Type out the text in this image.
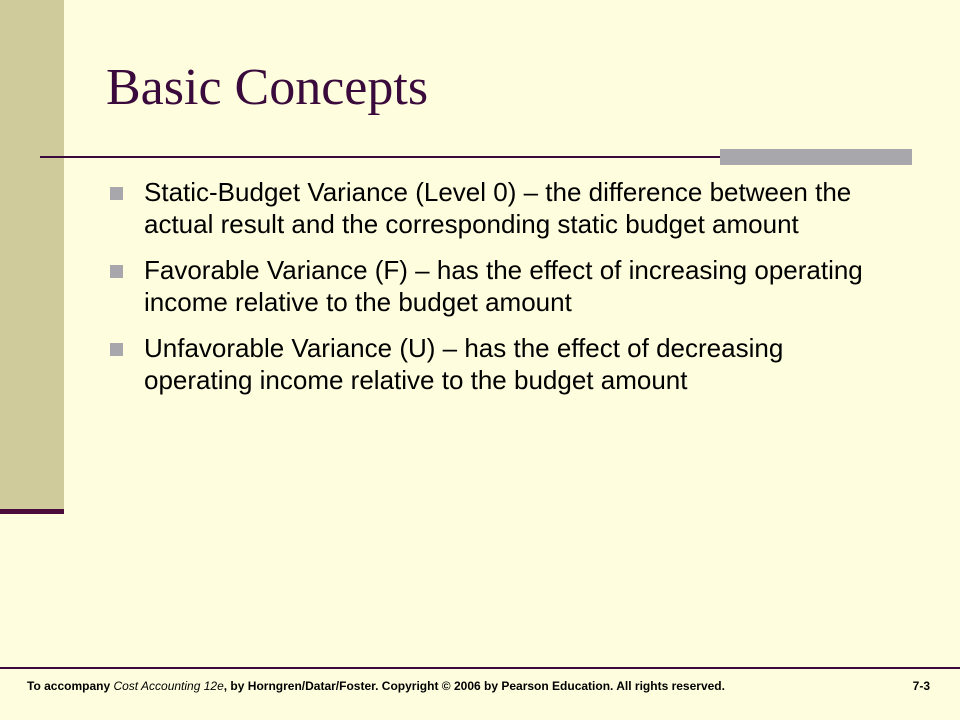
Basic Concepts
Static-Budget Variance (Level 0) – the difference between the actual result and the corresponding static budget amount
Favorable Variance (F) – has the effect of increasing operating income relative to the budget amount
Unfavorable Variance (U) – has the effect of decreasing operating income relative to the budget amount
To accompany Cost Accounting 12e, by Horngren/Datar/Foster. Copyright © 2006 by Pearson Education. All rights reserved.	7-3
